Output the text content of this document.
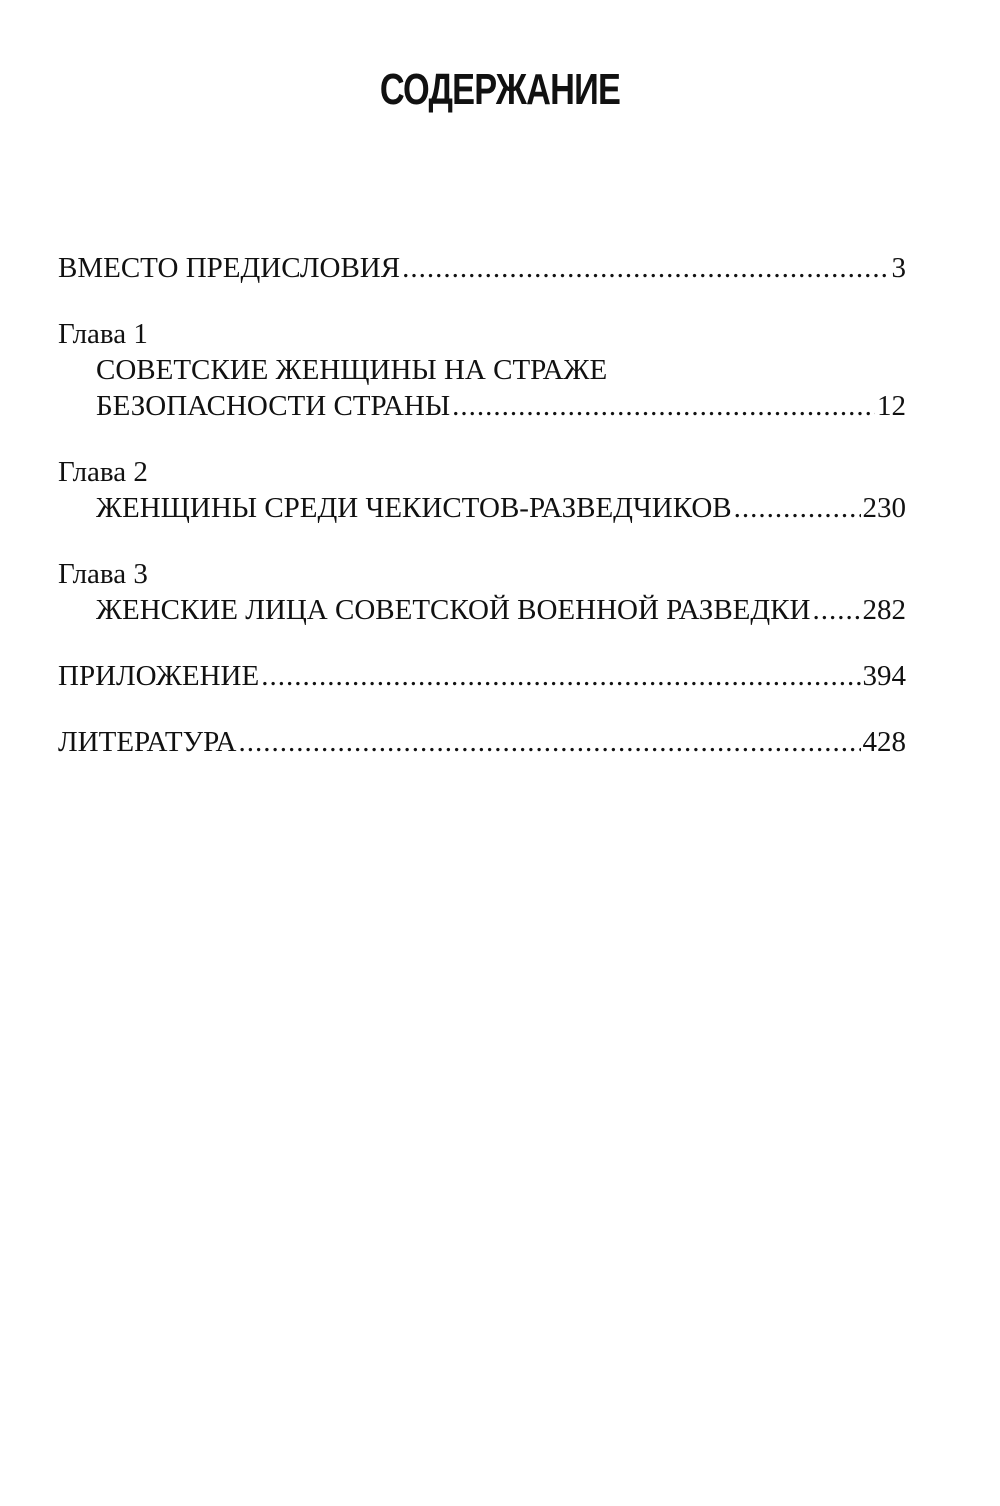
СОДЕРЖАНИЕ
ВМЕСТО ПРЕДИСЛОВИЯ .....	3
Глава 1
СОВЕТСКИЕ ЖЕНЩИНЫ НА СТРАЖЕ
БЕЗОПАСНОСТИ СТРАНЫ .....	12
Глава 2
ЖЕНЩИНЫ СРЕДИ ЧЕКИСТОВ-РАЗВЕДЧИКОВ .....	230
Глава 3
ЖЕНСКИЕ ЛИЦА СОВЕТСКОЙ ВОЕННОЙ РАЗВЕДКИ ..... 282
ПРИЛОЖЕНИЕ .....	394
ЛИТЕРАТУРА .....	428
